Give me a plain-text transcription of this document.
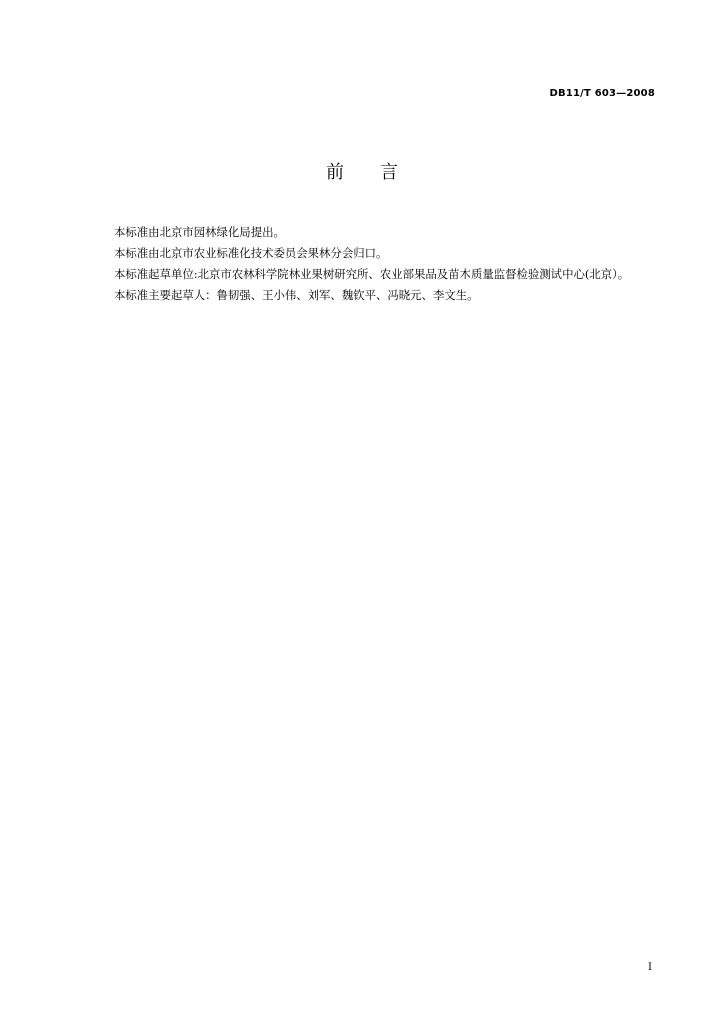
DB11/T 603—2008
前　　言

本标准由北京市园林绿化局提出。

本标准由北京市农业标准化技术委员会果林分会归口。

本标准起草单位:北京市农林科学院林业果树研究所、农业部果品及苗木质量监督检验测试中心(北京）。

本标准主要起草人：鲁韧强、王小伟、刘军、魏钦平、冯晓元、李文生。

I
